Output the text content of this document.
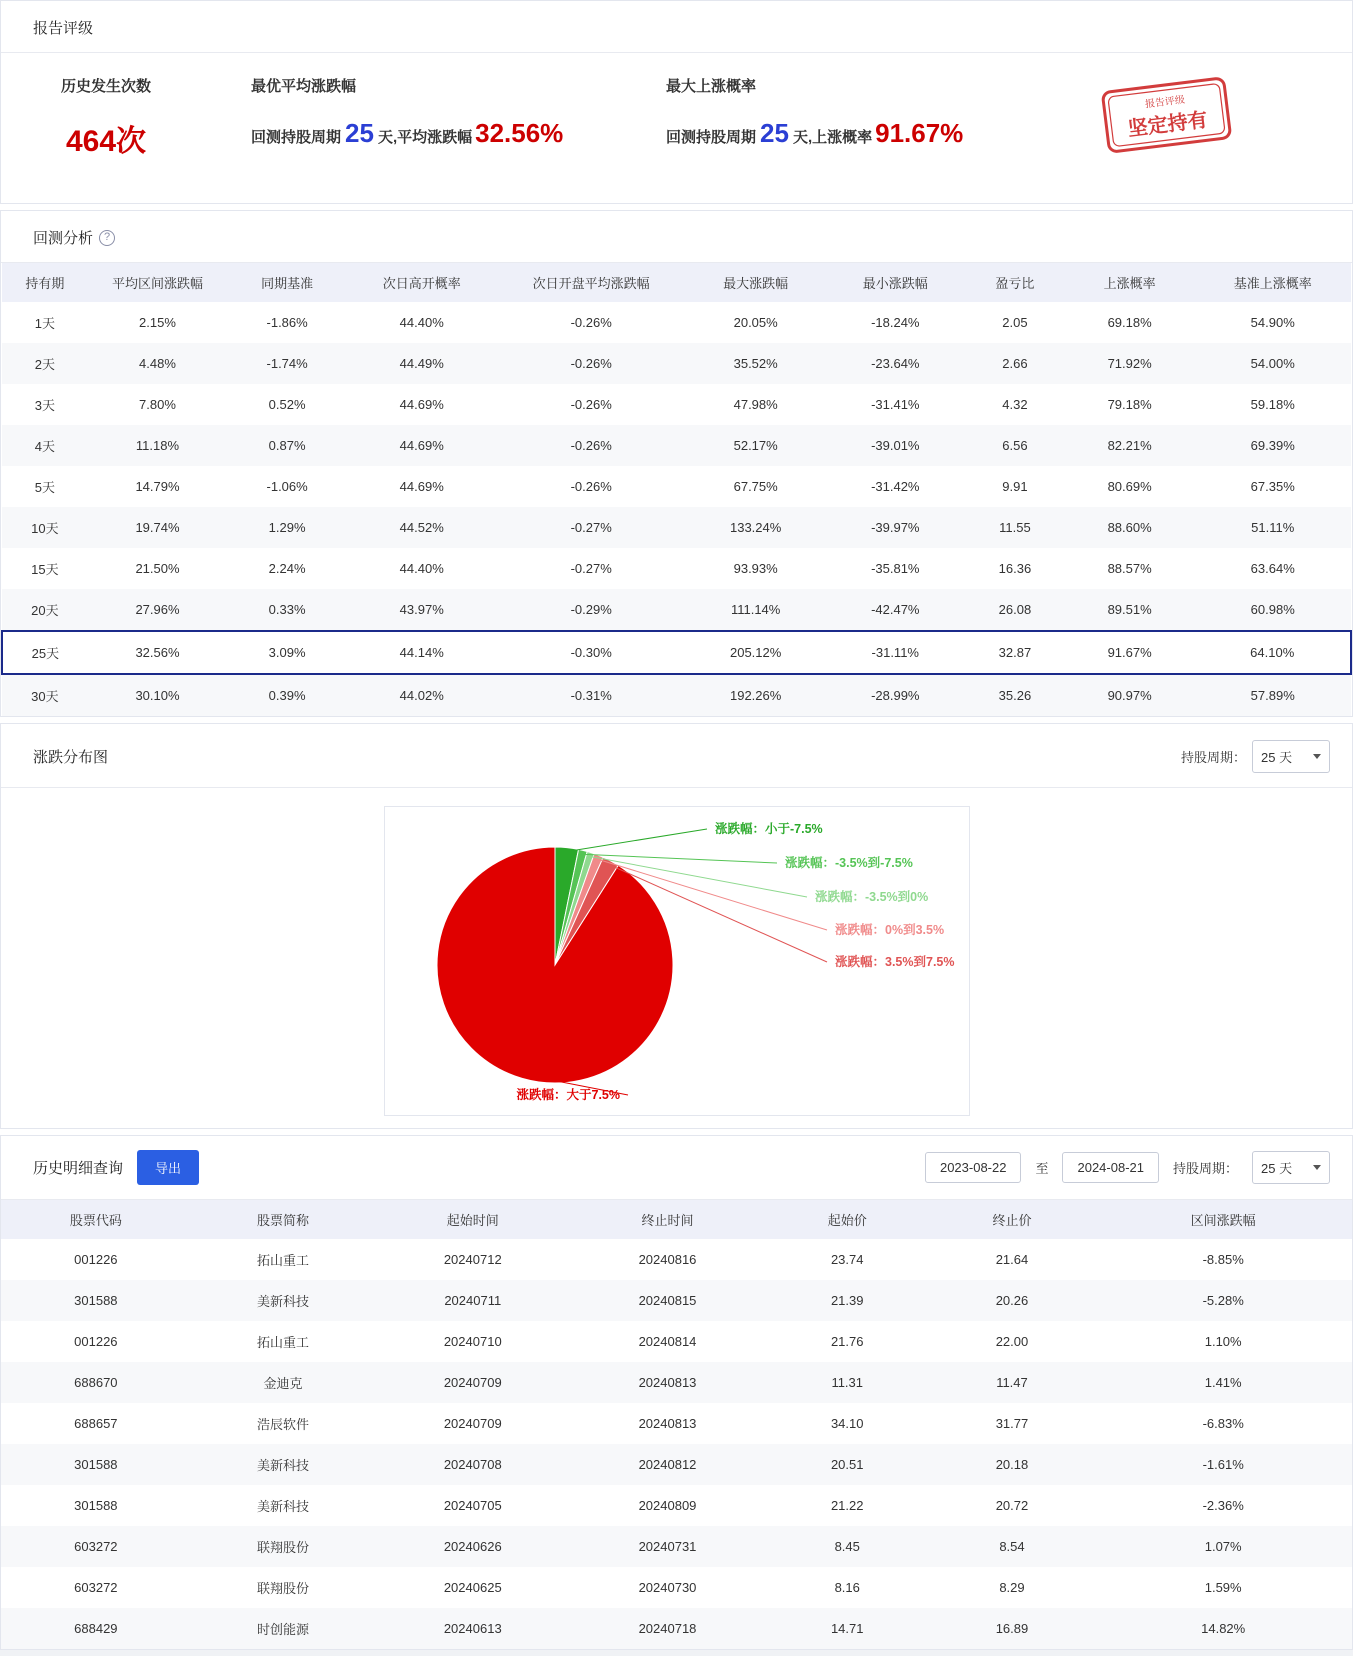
报告评级
历史发生次数
464次
最优平均涨跌幅
回测持股周期 25 天,平均涨跌幅 32.56%
最大上涨概率
回测持股周期 25 天,上涨概率 91.67%
报告评级
坚定持有
回测分析 ?
持有期	平均区间涨跌幅	同期基准	次日高开概率	次日开盘平均涨跌幅	最大涨跌幅	最小涨跌幅	盈亏比	上涨概率	基准上涨概率
1天	2.15%	-1.86%	44.40%	-0.26%	20.05%	-18.24%	2.05	69.18%	54.90%
2天	4.48%	-1.74%	44.49%	-0.26%	35.52%	-23.64%	2.66	71.92%	54.00%
3天	7.80%	0.52%	44.69%	-0.26%	47.98%	-31.41%	4.32	79.18%	59.18%
4天	11.18%	0.87%	44.69%	-0.26%	52.17%	-39.01%	6.56	82.21%	69.39%
5天	14.79%	-1.06%	44.69%	-0.26%	67.75%	-31.42%	9.91	80.69%	67.35%
10天	19.74%	1.29%	44.52%	-0.27%	133.24%	-39.97%	11.55	88.60%	51.11%
15天	21.50%	2.24%	44.40%	-0.27%	93.93%	-35.81%	16.36	88.57%	63.64%
20天	27.96%	0.33%	43.97%	-0.29%	111.14%	-42.47%	26.08	89.51%	60.98%
25天	32.56%	3.09%	44.14%	-0.30%	205.12%	-31.11%	32.87	91.67%	64.10%
30天	30.10%	0.39%	44.02%	-0.31%	192.26%	-28.99%	35.26	90.97%	57.89%
涨跌分布图	持股周期： 25 天
涨跌幅：小于-7.5%
涨跌幅：-3.5%到-7.5%
涨跌幅：-3.5%到0%
涨跌幅：0%到3.5%
涨跌幅：3.5%到7.5%
涨跌幅：大于7.5%
历史明细查询	导出	2023-08-22	至	2024-08-21	持股周期： 25 天
股票代码	股票简称	起始时间	终止时间	起始价	终止价	区间涨跌幅
001226	拓山重工	20240712	20240816	23.74	21.64	-8.85%
301588	美新科技	20240711	20240815	21.39	20.26	-5.28%
001226	拓山重工	20240710	20240814	21.76	22.00	1.10%
688670	金迪克	20240709	20240813	11.31	11.47	1.41%
688657	浩辰软件	20240709	20240813	34.10	31.77	-6.83%
301588	美新科技	20240708	20240812	20.51	20.18	-1.61%
301588	美新科技	20240705	20240809	21.22	20.72	-2.36%
603272	联翔股份	20240626	20240731	8.45	8.54	1.07%
603272	联翔股份	20240625	20240730	8.16	8.29	1.59%
688429	时创能源	20240613	20240718	14.71	16.89	14.82%
